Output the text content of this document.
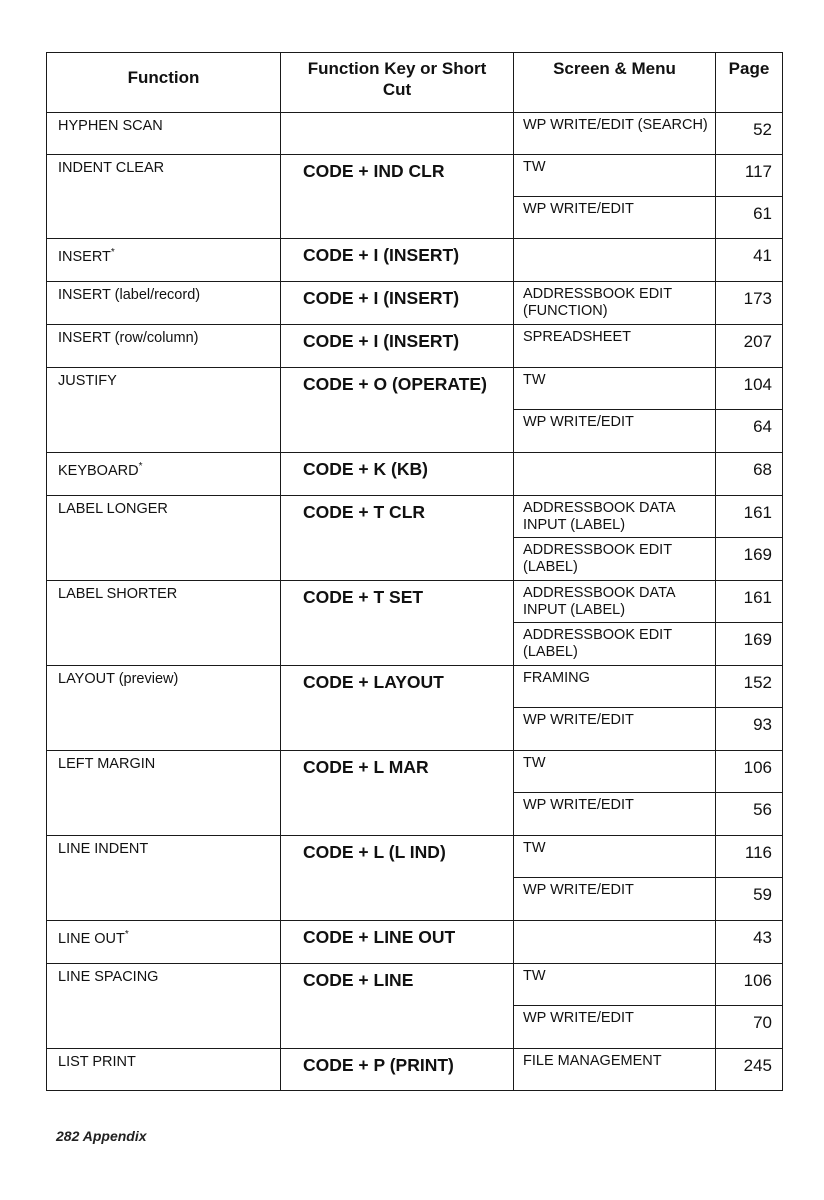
Function	Function Key or Short Cut	Screen & Menu	Page
HYPHEN SCAN		WP WRITE/EDIT (SEARCH)	52
INDENT CLEAR	CODE + IND CLR	TW	117
		WP WRITE/EDIT	61
INSERT*	CODE + I (INSERT)		41
INSERT (label/record)	CODE + I (INSERT)	ADDRESSBOOK EDIT (FUNCTION)	173
INSERT (row/column)	CODE + I (INSERT)	SPREADSHEET	207
JUSTIFY	CODE + O (OPERATE)	TW	104
		WP WRITE/EDIT	64
KEYBOARD*	CODE + K (KB)		68
LABEL LONGER	CODE + T CLR	ADDRESSBOOK DATA INPUT (LABEL)	161
		ADDRESSBOOK EDIT (LABEL)	169
LABEL SHORTER	CODE + T SET	ADDRESSBOOK DATA INPUT (LABEL)	161
		ADDRESSBOOK EDIT (LABEL)	169
LAYOUT (preview)	CODE + LAYOUT	FRAMING	152
		WP WRITE/EDIT	93
LEFT MARGIN	CODE + L MAR	TW	106
		WP WRITE/EDIT	56
LINE INDENT	CODE + L (L IND)	TW	116
		WP WRITE/EDIT	59
LINE OUT*	CODE + LINE OUT		43
LINE SPACING	CODE + LINE	TW	106
		WP WRITE/EDIT	70
LIST PRINT	CODE + P (PRINT)	FILE MANAGEMENT	245
282 Appendix
